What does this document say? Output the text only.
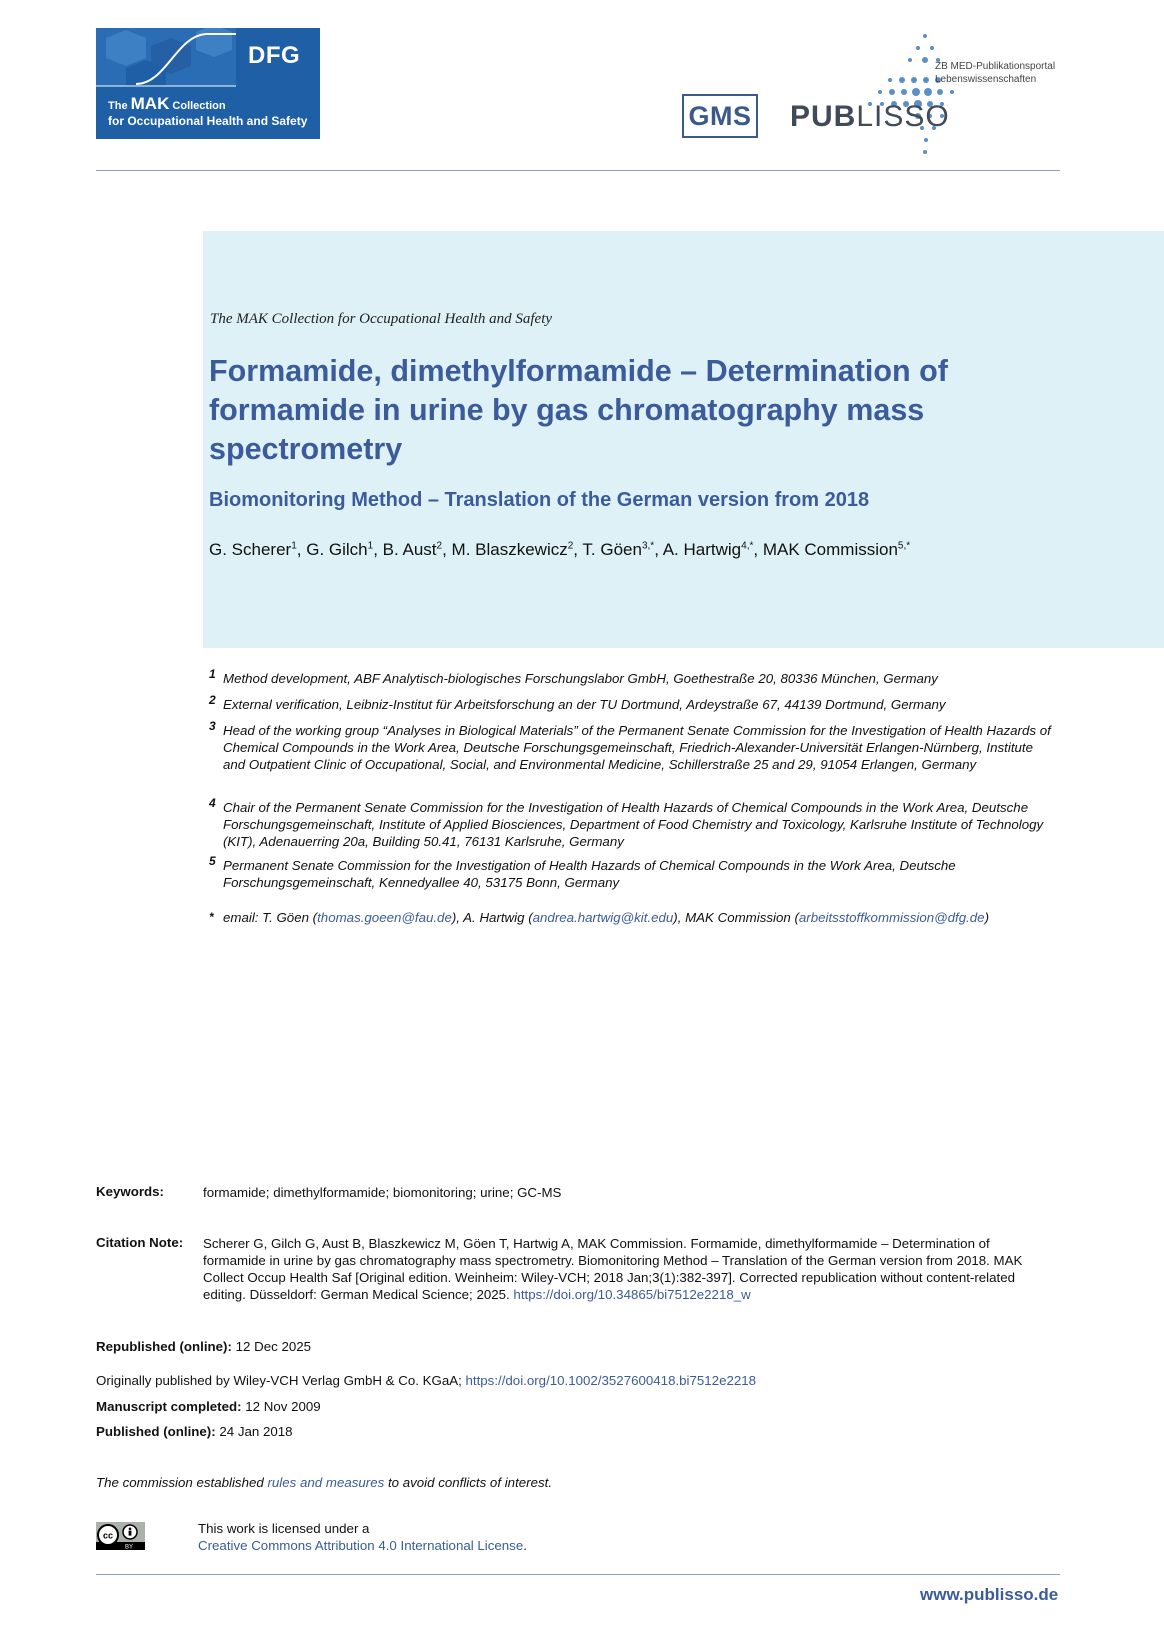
DFG
The MAK Collection
for Occupational Health and Safety	GMS PUBLISSO
ZB MED-Publikationsportal
Lebenswissenschaften
The MAK Collection for Occupational Health and Safety
Formamide, dimethylformamide – Determination of formamide in urine by gas chromatography mass spectrometry
Biomonitoring Method – Translation of the German version from 2018
G. Scherer$^1$, G. Gilch$^1$, B. Aust$^2$, M. Blaszkewicz$^2$, T. Göen$^{3,*}$, A. Hartwig$^{4,*}$, MAK Commission$^{5,*}$
1 Method development, ABF Analytisch-biologisches Forschungslabor GmbH, Goethestraße 20, 80336 München, Germany
2 External verification, Leibniz-Institut für Arbeitsforschung an der TU Dortmund, Ardeystraße 67, 44139 Dortmund, Germany
3 Head of the working group “Analyses in Biological Materials” of the Permanent Senate Commission for the Investigation of Health Hazards of Chemical Compounds in the Work Area, Deutsche Forschungsgemeinschaft, Friedrich-Alexander-Universität Erlangen-Nürnberg, Institute and Outpatient Clinic of Occupational, Social, and Environmental Medicine, Schillerstraße 25 and 29, 91054 Erlangen, Germany
4 Chair of the Permanent Senate Commission for the Investigation of Health Hazards of Chemical Compounds in the Work Area, Deutsche Forschungsgemeinschaft, Institute of Applied Biosciences, Department of Food Chemistry and Toxicology, Karlsruhe Institute of Technology (KIT), Adenauerring 20a, Building 50.41, 76131 Karlsruhe, Germany
5 Permanent Senate Commission for the Investigation of Health Hazards of Chemical Compounds in the Work Area, Deutsche Forschungsgemeinschaft, Kennedyallee 40, 53175 Bonn, Germany
* email: T. Göen (thomas.goeen@fau.de), A. Hartwig (andrea.hartwig@kit.edu), MAK Commission (arbeitsstoffkommission@dfg.de)
Keywords:	formamide; dimethylformamide; biomonitoring; urine; GC-MS
Citation Note: Scherer G, Gilch G, Aust B, Blaszkewicz M, Göen T, Hartwig A, MAK Commission. Formamide, dimethylformamide – Determination of formamide in urine by gas chromatography mass spectrometry. Biomonitoring Method – Translation of the German version from 2018. MAK Collect Occup Health Saf [Original edition. Weinheim: Wiley-VCH; 2018 Jan;3(1):382-397]. Corrected republication without content-related editing. Düsseldorf: German Medical Science; 2025. https://doi.org/10.34865/bi7512e2218_w
Republished (online): 12 Dec 2025
Originally published by Wiley-VCH Verlag GmbH & Co. KGaA; https://doi.org/10.1002/3527600418.bi7512e2218
Manuscript completed: 12 Nov 2009
Published (online): 24 Jan 2018
The commission established rules and measures to avoid conflicts of interest.
BY
cc	This work is licensed under a
Creative Commons Attribution 4.0 International License.
www.publisso.de
